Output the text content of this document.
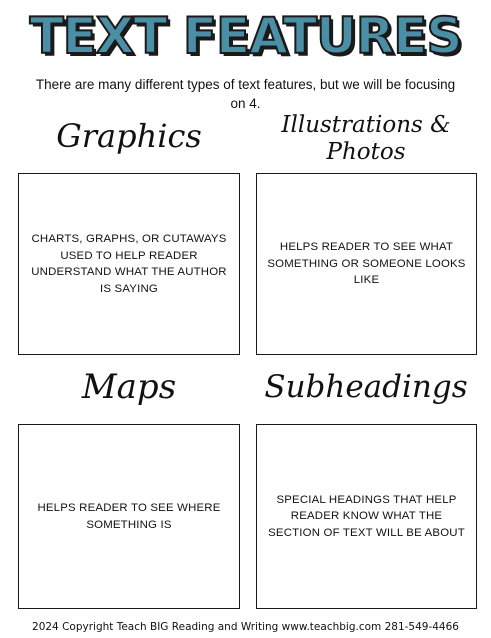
TEXT FEATURES
There are many different types of text features, but we will be focusing on 4.
Graphics	Illustrations &
Photos
CHARTS, GRAPHS, OR CUTAWAYS USED TO HELP READER UNDERSTAND WHAT THE AUTHOR IS SAYING
HELPS READER TO SEE WHAT SOMETHING OR SOMEONE LOOKS LIKE
Maps	Subheadings
HELPS READER TO SEE WHERE SOMETHING IS
SPECIAL HEADINGS THAT HELP READER KNOW WHAT THE SECTION OF TEXT WILL BE ABOUT
2024 Copyright Teach BIG Reading and Writing www.teachbig.com 281-549-4466
